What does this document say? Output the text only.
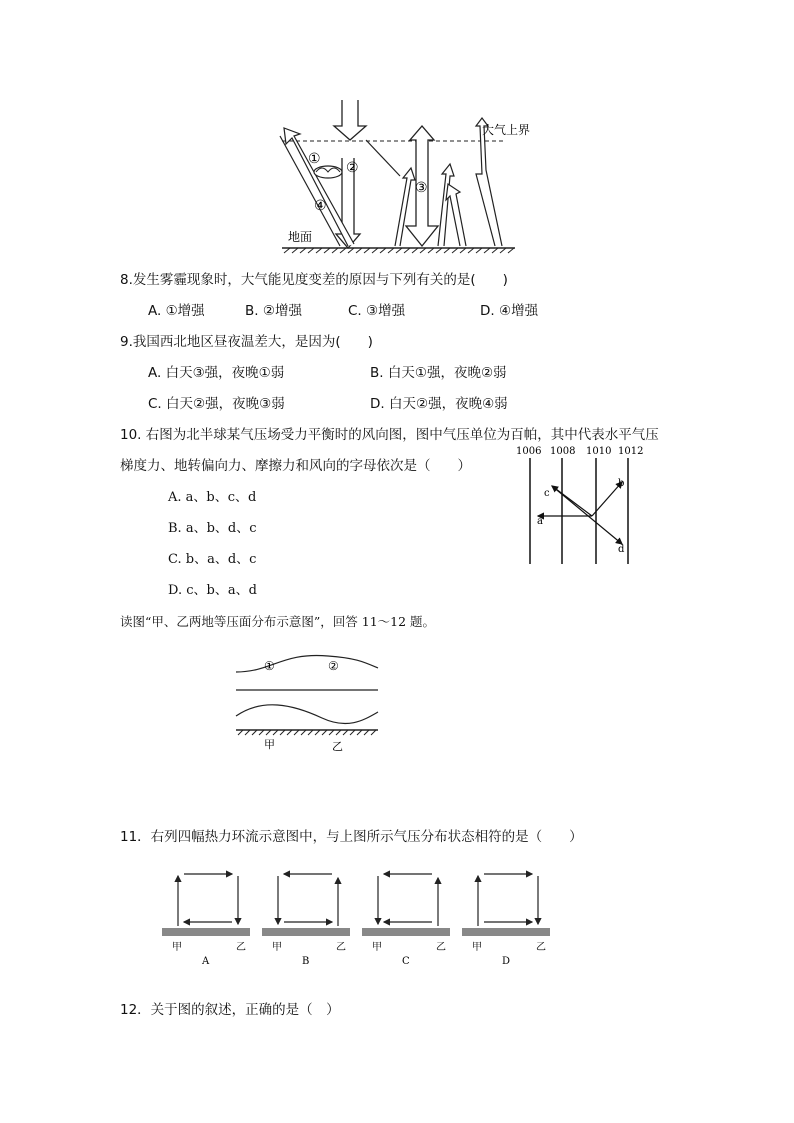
①
②
③
④
大气上界
地面
8.发生雾霾现象时，大气能见度变差的原因与下列有关的是(　　)
A. ①增强	B. ②增强	C. ③增强	D. ④增强
9.我国西北地区昼夜温差大，是因为(　　)
A. 白天③强，夜晚①弱	B. 白天①强，夜晚②弱
C. 白天②强，夜晚③弱	D. 白天②强，夜晚④弱
10. 右图为北半球某气压场受力平衡时的风向图，图中气压单位为百帕，其中代表水平气压
梯度力、地转偏向力、摩擦力和风向的字母依次是（　　）
A. a、b、c、d
B. a、b、d、c
C. b、a、d、c
D. c、b、a、d
1006 1008 1010 1012
a
b
c
d
读图“甲、乙两地等压面分布示意图”，回答 11～12 题。
①	②
甲	乙
11．右列四幅热力环流示意图中，与上图所示气压分布状态相符的是（　　）
甲	乙
A
甲	乙
B
甲	乙
C
甲	乙
D
12．关于图的叙述，正确的是（　）
